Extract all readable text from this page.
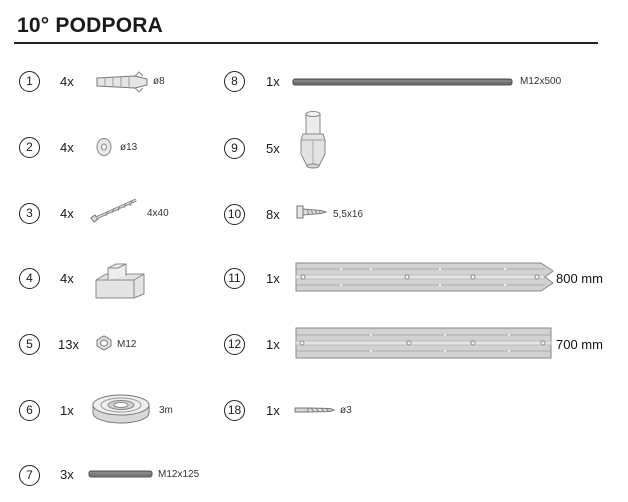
10° PODPORA
1	4x	ø8
2	4x	ø13
3	4x	4x40
4	4x
5	13x	M12
6	1x	3m
7	3x	M12x125
8	1x	M12x500
9	5x
10 8x	5,5x16
11	1x	800 mm
12 1x	700 mm
18 1x	ø3
